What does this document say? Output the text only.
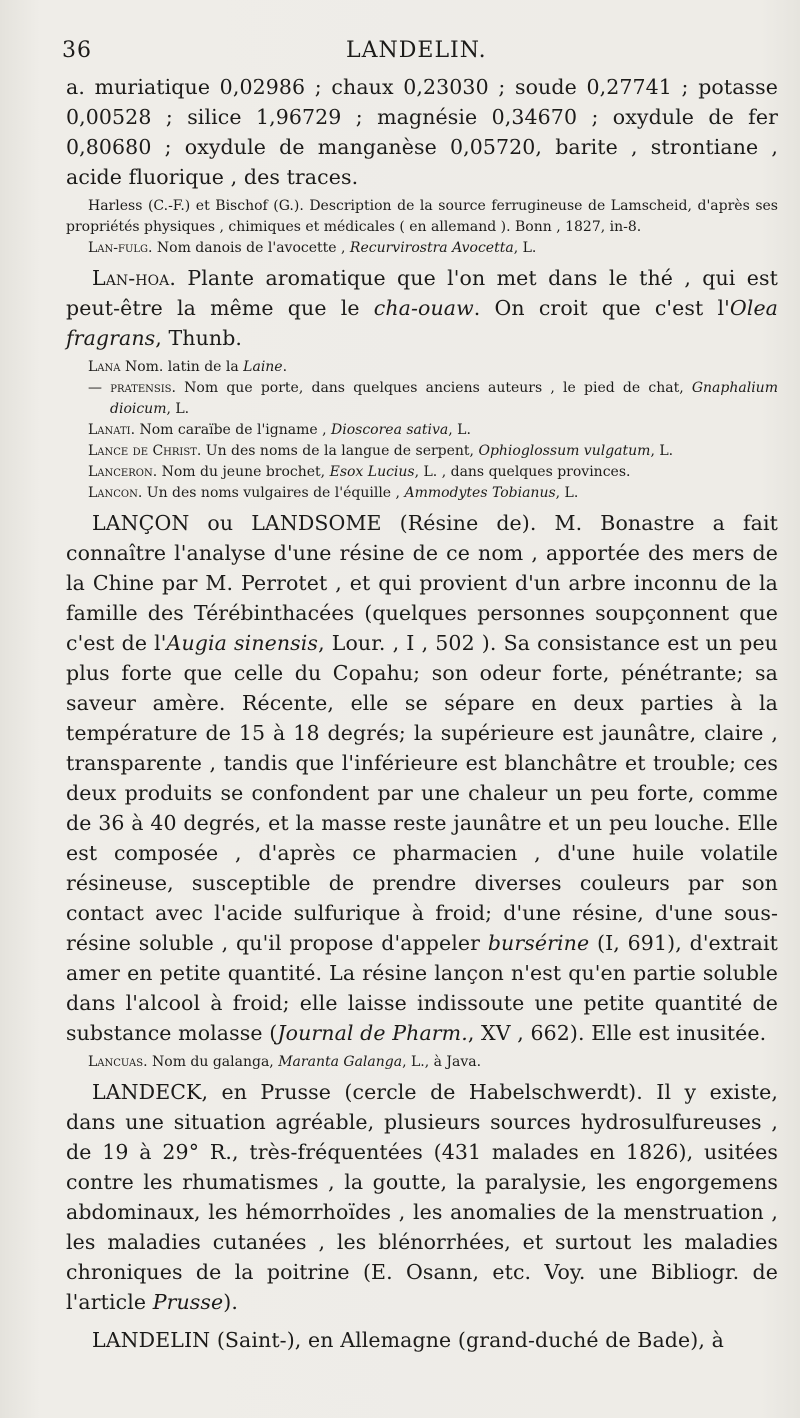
36	LANDELIN.

a. muriatique 0,02986 ; chaux 0,23030 ; soude 0,27741 ; potasse 0,00528 ; silice 1,96729 ; magnésie 0,34670 ; oxydule de fer 0,80680 ; oxydule de manganèse 0,05720, barite , strontiane , acide fluorique , des traces.

Harless (C.-F.) et Bischof (G.). Description de la source ferrugineuse de Lamscheid, d'après ses propriétés physiques , chimiques et médicales ( en allemand ). Bonn , 1827, in-8.

Lan-fulg. Nom danois de l'avocette , Recurvirostra Avocetta, L.

Lan-hoa. Plante aromatique que l'on met dans le thé , qui est peut-être la même que le cha-ouaw. On croit que c'est l'Olea fragrans, Thunb.

Lana Nom. latin de la Laine.

— pratensis. Nom que porte, dans quelques anciens auteurs , le pied de chat, Gnaphalium dioicum, L.

Lanati. Nom caraïbe de l'igname , Dioscorea sativa, L.

Lance de Christ. Un des noms de la langue de serpent, Ophioglossum vulgatum, L.

Lanceron. Nom du jeune brochet, Esox Lucius, L. , dans quelques provinces.

Lancon. Un des noms vulgaires de l'équille , Ammodytes Tobianus, L.

LANÇON ou LANDSOME (Résine de). M. Bonastre a fait connaître l'analyse d'une résine de ce nom , apportée des mers de la Chine par M. Perrotet , et qui provient d'un arbre inconnu de la famille des Térébinthacées (quelques personnes soupçonnent que c'est de l'Augia sinensis, Lour. , I , 502 ). Sa consistance est un peu plus forte que celle du Copahu; son odeur forte, pénétrante; sa saveur amère. Récente, elle se sépare en deux parties à la température de 15 à 18 degrés; la supérieure est jaunâtre, claire , transparente , tandis que l'inférieure est blanchâtre et trouble; ces deux produits se confondent par une chaleur un peu forte, comme de 36 à 40 degrés, et la masse reste jaunâtre et un peu louche. Elle est composée , d'après ce pharmacien , d'une huile volatile résineuse, susceptible de prendre diverses couleurs par son contact avec l'acide sulfurique à froid; d'une résine, d'une sous-résine soluble , qu'il propose d'appeler bursérine (I, 691), d'extrait amer en petite quantité. La résine lançon n'est qu'en partie soluble dans l'alcool à froid; elle laisse indissoute une petite quantité de substance molasse (Journal de Pharm., XV , 662). Elle est inusitée.

Lancuas. Nom du galanga, Maranta Galanga, L., à Java.

LANDECK, en Prusse (cercle de Habelschwerdt). Il y existe, dans une situation agréable, plusieurs sources hydrosulfureuses , de 19 à 29° R., très-fréquentées (431 malades en 1826), usitées contre les rhumatismes , la goutte, la paralysie, les engorgemens abdominaux, les hémorrhoïdes , les anomalies de la menstruation , les maladies cutanées , les blénorrhées, et surtout les maladies chroniques de la poitrine (E. Osann, etc. Voy. une Bibliogr. de l'article Prusse).

LANDELIN (Saint-), en Allemagne (grand-duché de Bade), à
